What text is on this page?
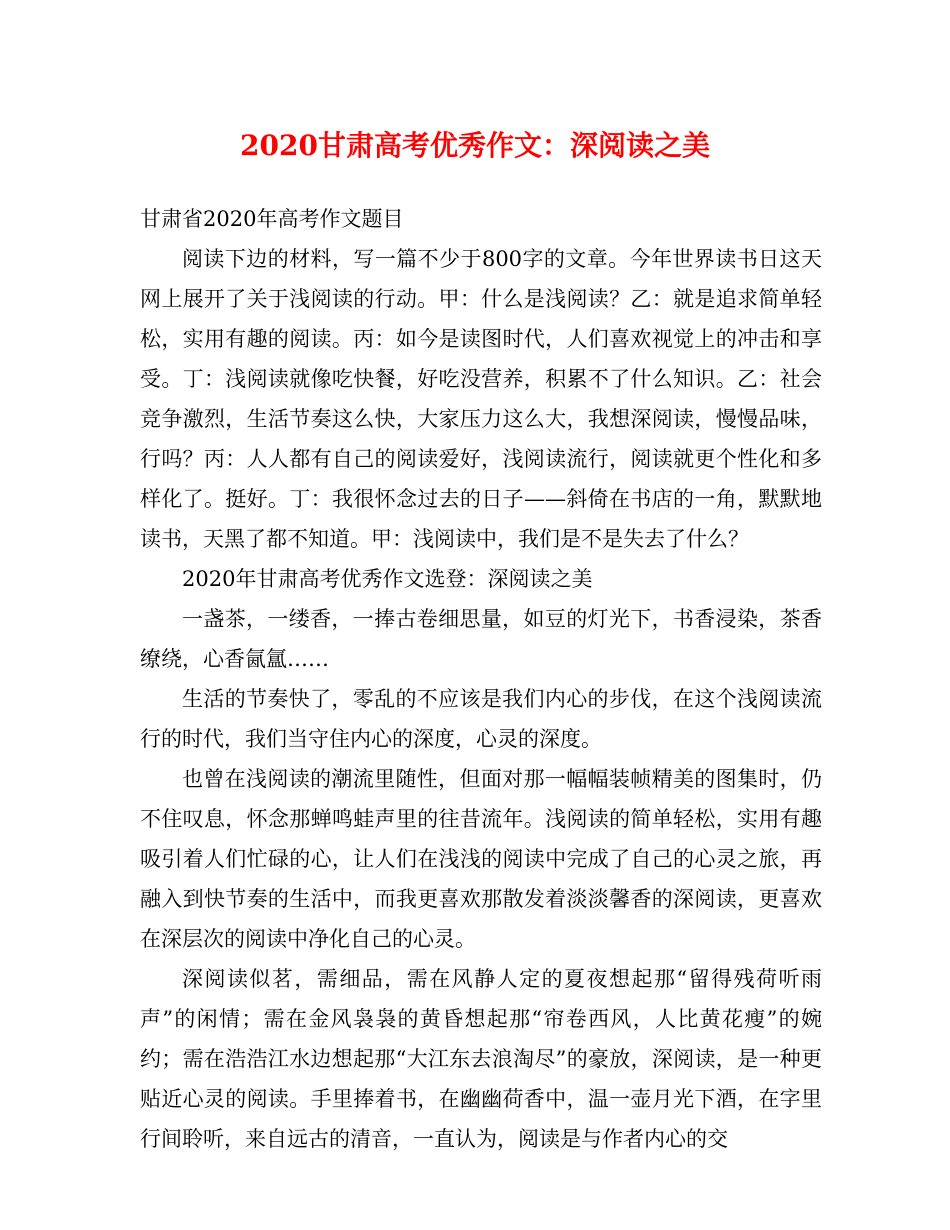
2020甘肃高考优秀作文：深阅读之美

甘肃省2020年高考作文题目

阅读下边的材料，写一篇不少于800字的文章。今年世界读书日这天网上展开了关于浅阅读的行动。甲：什么是浅阅读？乙：就是追求简单轻松，实用有趣的阅读。丙：如今是读图时代，人们喜欢视觉上的冲击和享受。丁：浅阅读就像吃快餐，好吃没营养，积累不了什么知识。乙：社会竞争激烈，生活节奏这么快，大家压力这么大，我想深阅读，慢慢品味，行吗？丙：人人都有自己的阅读爱好，浅阅读流行，阅读就更个性化和多样化了。挺好。丁：我很怀念过去的日子——斜倚在书店的一角，默默地读书，天黑了都不知道。甲：浅阅读中，我们是不是失去了什么？

2020年甘肃高考优秀作文选登：深阅读之美

一盏茶，一缕香，一捧古卷细思量，如豆的灯光下，书香浸染，茶香缭绕，心香氤氲……

生活的节奏快了，零乱的不应该是我们内心的步伐，在这个浅阅读流行的时代，我们当守住内心的深度，心灵的深度。

也曾在浅阅读的潮流里随性，但面对那一幅幅装帧精美的图集时，仍不住叹息，怀念那蝉鸣蛙声里的往昔流年。浅阅读的简单轻松，实用有趣吸引着人们忙碌的心，让人们在浅浅的阅读中完成了自己的心灵之旅，再融入到快节奏的生活中，而我更喜欢那散发着淡淡馨香的深阅读，更喜欢在深层次的阅读中净化自己的心灵。

深阅读似茗，需细品，需在风静人定的夏夜想起那“留得残荷听雨声”的闲情；需在金风袅袅的黄昏想起那“帘卷西风，人比黄花瘦”的婉约；需在浩浩江水边想起那“大江东去浪淘尽”的豪放，深阅读，是一种更贴近心灵的阅读。手里捧着书，在幽幽荷香中，温一壶月光下酒，在字里行间聆听，来自远古的清音，一直认为，阅读是与作者内心的交
